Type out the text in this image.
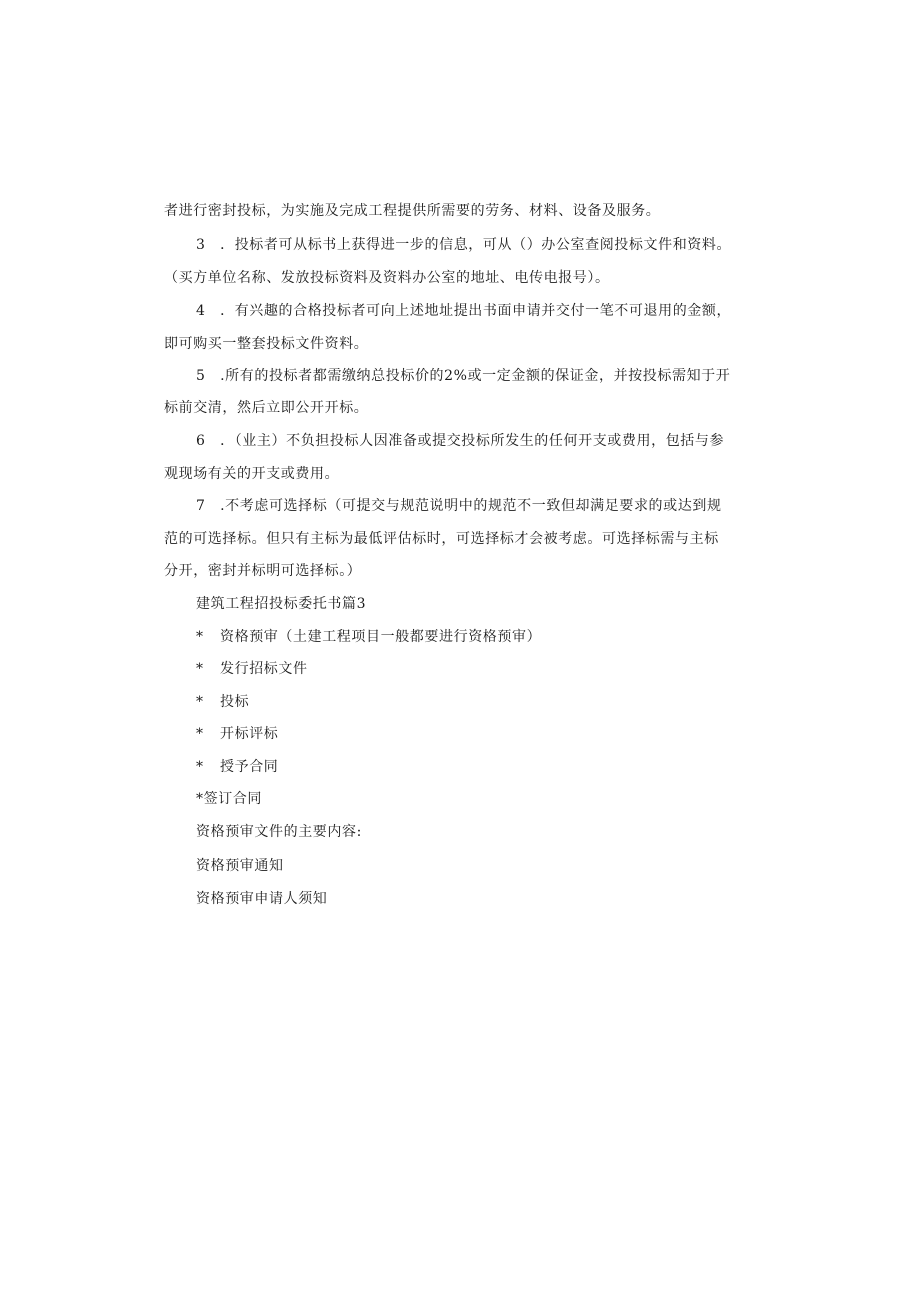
者进行密封投标，为实施及完成工程提供所需要的劳务、材料、设备及服务。
3　．投标者可从标书上获得进一步的信息，可从（）办公室查阅投标文件和资料。
（买方单位名称、发放投标资料及资料办公室的地址、电传电报号）。
4　．有兴趣的合格投标者可向上述地址提出书面申请并交付一笔不可退用的金额，
即可购买一整套投标文件资料。
5　.所有的投标者都需缴纳总投标价的2%或一定金额的保证金，并按投标需知于开
标前交清，然后立即公开开标。
6　．（业主）不负担投标人因准备或提交投标所发生的任何开支或费用，包括与参
观现场有关的开支或费用。
7　.不考虑可选择标（可提交与规范说明中的规范不一致但却满足要求的或达到规
范的可选择标。但只有主标为最低评估标时，可选择标才会被考虑。可选择标需与主标
分开，密封并标明可选择标。）
建筑工程招投标委托书篇3
* 资格预审（土建工程项目一般都要进行资格预审）
* 发行招标文件
* 投标
* 开标评标
* 授予合同
*签订合同
资格预审文件的主要内容:
资格预审通知
资格预审申请人须知
